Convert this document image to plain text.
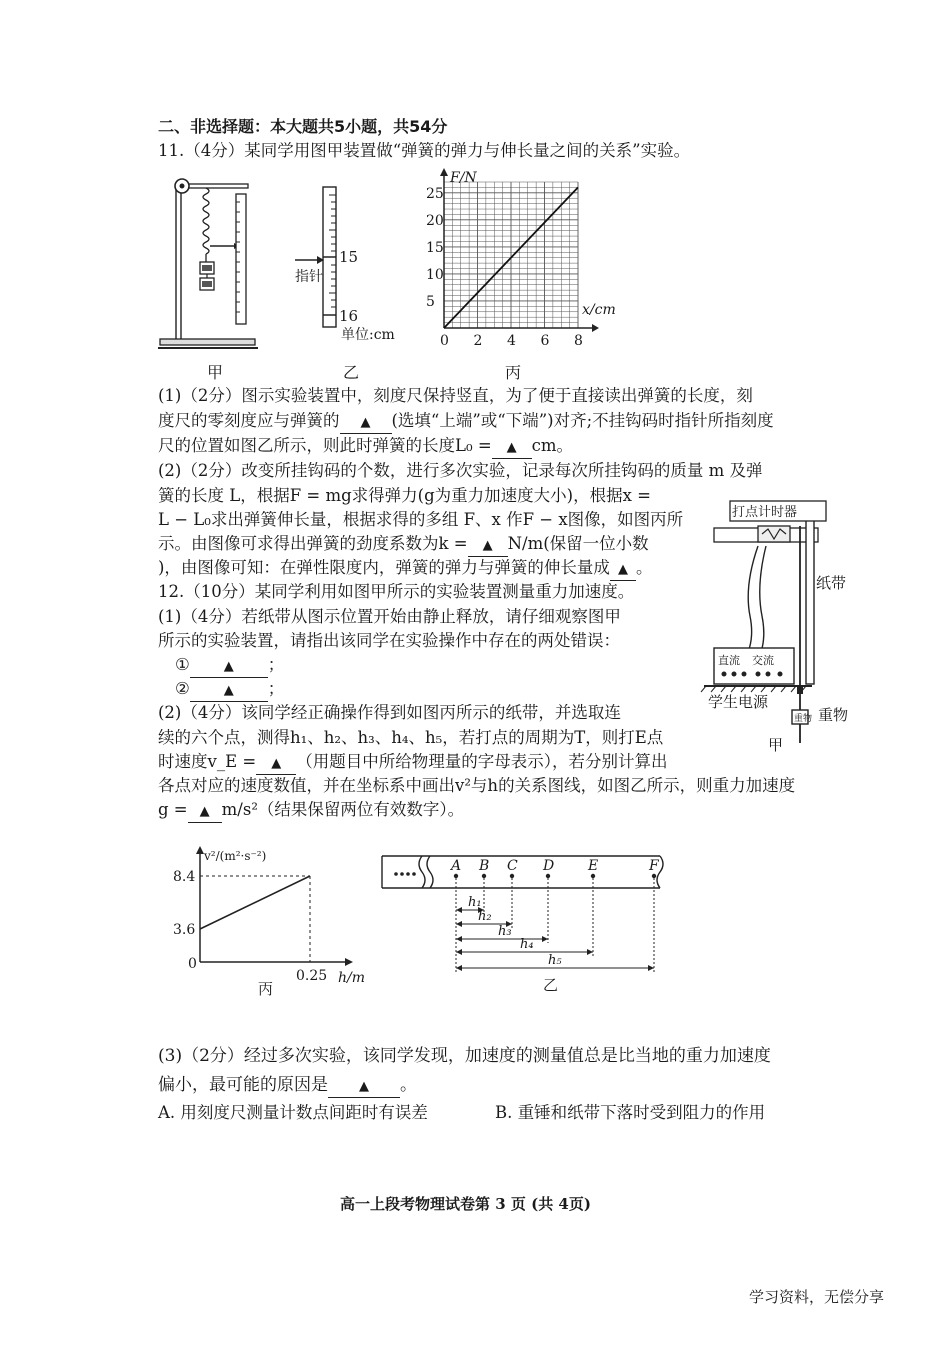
二、非选择题：本大题共5小题，共54分
11.（4分）某同学用图甲装置做“弹簧的弹力与伸长量之间的关系”实验。
甲
15
16
指针
单位:cm
乙
0 2 4 6 8
5
10
15
20
25
x/cm
F/N
丙
(1)（2分）图示实验装置中，刻度尺保持竖直，为了便于直接读出弹簧的长度，刻
度尺的零刻度应与弹簧的 ▲ (选填“上端”或“下端”)对齐;不挂钩码时指针所指刻度
尺的位置如图乙所示，则此时弹簧的长度L₀ = ▲ cm。
(2)（2分）改变所挂钩码的个数，进行多次实验，记录每次所挂钩码的质量 m 及弹
簧的长度 L，根据F = mg求得弹力(g为重力加速度大小)，根据x =
L − L₀求出弹簧伸长量，根据求得的多组 F、x 作F − x图像，如图丙所
示。由图像可求得出弹簧的劲度系数为k = ▲ N/m(保留一位小数
)，由图像可知：在弹性限度内，弹簧的弹力与弹簧的伸长量成 ▲ 。
12.（10分）某同学利用如图甲所示的实验装置测量重力加速度。
(1)（4分）若纸带从图示位置开始由静止释放，请仔细观察图甲
所示的实验装置，请指出该同学在实验操作中存在的两处错误：
①	▲ ；
②	▲ ；
(2)（4分）该同学经正确操作得到如图丙所示的纸带，并选取连
续的六个点，测得h₁、h₂、h₃、h₄、h₅，若打点的周期为T，则打E点
时速度v_E = ▲ （用题目中所给物理量的字母表示），若分别计算出
各点对应的速度数值，并在坐标系中画出v²与h的关系图线，如图乙所示，则重力加速度
g = ▲ m/s²（结果保留两位有效数字）。
打点计时器
直流 交流
学生电源
重物
纸带
重物
甲
8.4
3.6
0
0.25 h/m
v²/(m²·s⁻²)
丙	乙
A B C D E	F
h₁
h₂
h₃
h₄
h₅
(3)（2分）经过多次实验，该同学发现，加速度的测量值总是比当地的重力加速度
偏小，最可能的原因是 ▲ 。
A. 用刻度尺测量计数点间距时有误差	B. 重锤和纸带下落时受到阻力的作用
高一上段考物理试卷第 3 页 (共 4页)
学习资料，无偿分享
